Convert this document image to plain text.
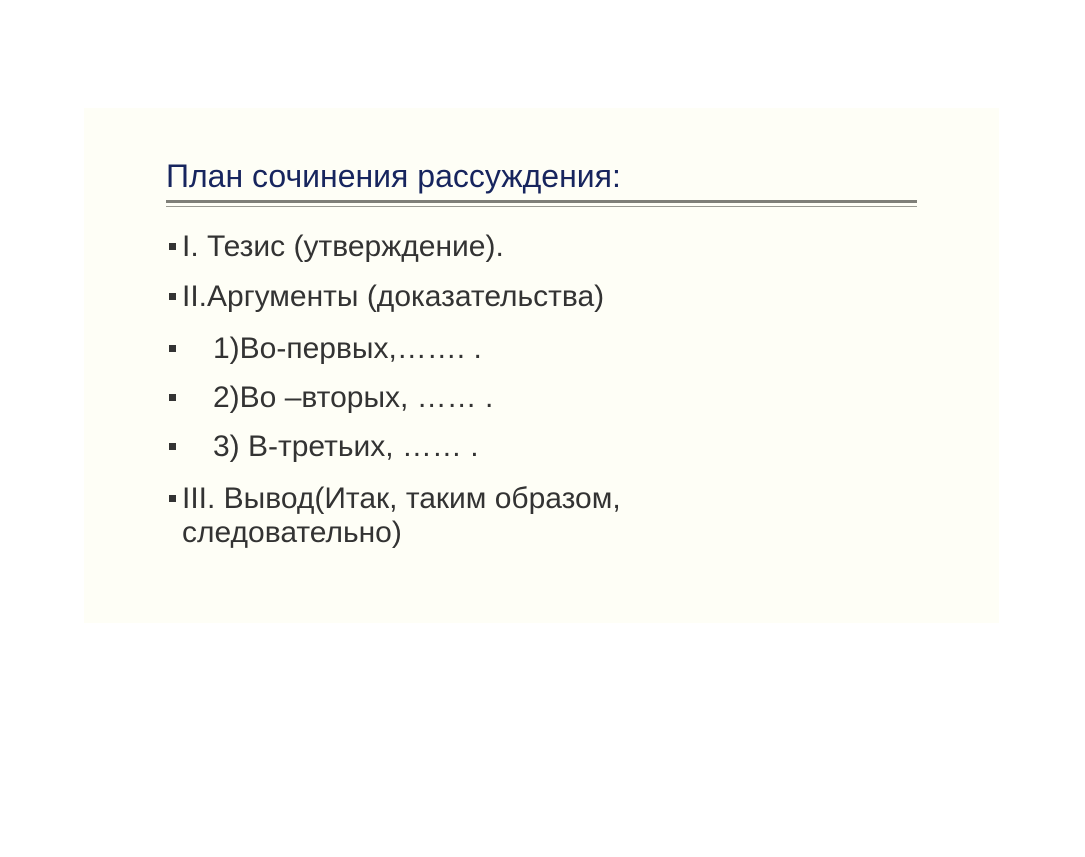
План сочинения рассуждения:
I. Тезис (утверждение).
II.Аргументы (доказательства)
1)Во-первых,……. .
2)Во –вторых, …… .
3) В-третьих, …… .
III. Вывод(Итак, таким образом, следовательно)
